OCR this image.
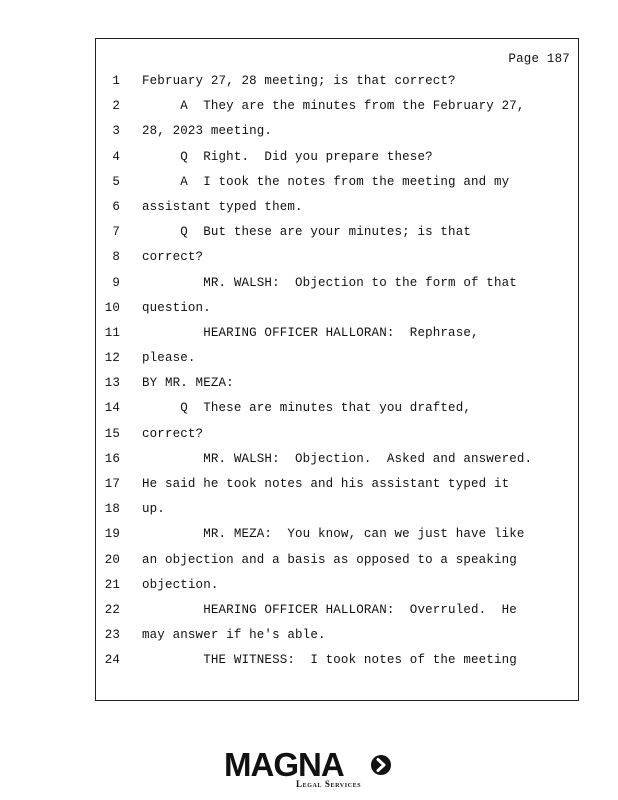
Page 187
1 February 27, 28 meeting; is that correct?
2 A  They are the minutes from the February 27,
3 28, 2023 meeting.
4 Q  Right.  Did you prepare these?
5 A  I took the notes from the meeting and my
6 assistant typed them.
7 Q  But these are your minutes; is that
8 correct?
9 MR. WALSH:  Objection to the form of that
10 question.
11 HEARING OFFICER HALLORAN:  Rephrase,
12 please.
13 BY MR. MEZA:
14 Q  These are minutes that you drafted,
15 correct?
16 MR. WALSH:  Objection.  Asked and answered.
17 He said he took notes and his assistant typed it
18 up.
19 MR. MEZA:  You know, can we just have like
20 an objection and a basis as opposed to a speaking
21 objection.
22 HEARING OFFICER HALLORAN:  Overruled.  He
23 may answer if he's able.
24 THE WITNESS:  I took notes of the meeting
MAGNA
Legal Services
